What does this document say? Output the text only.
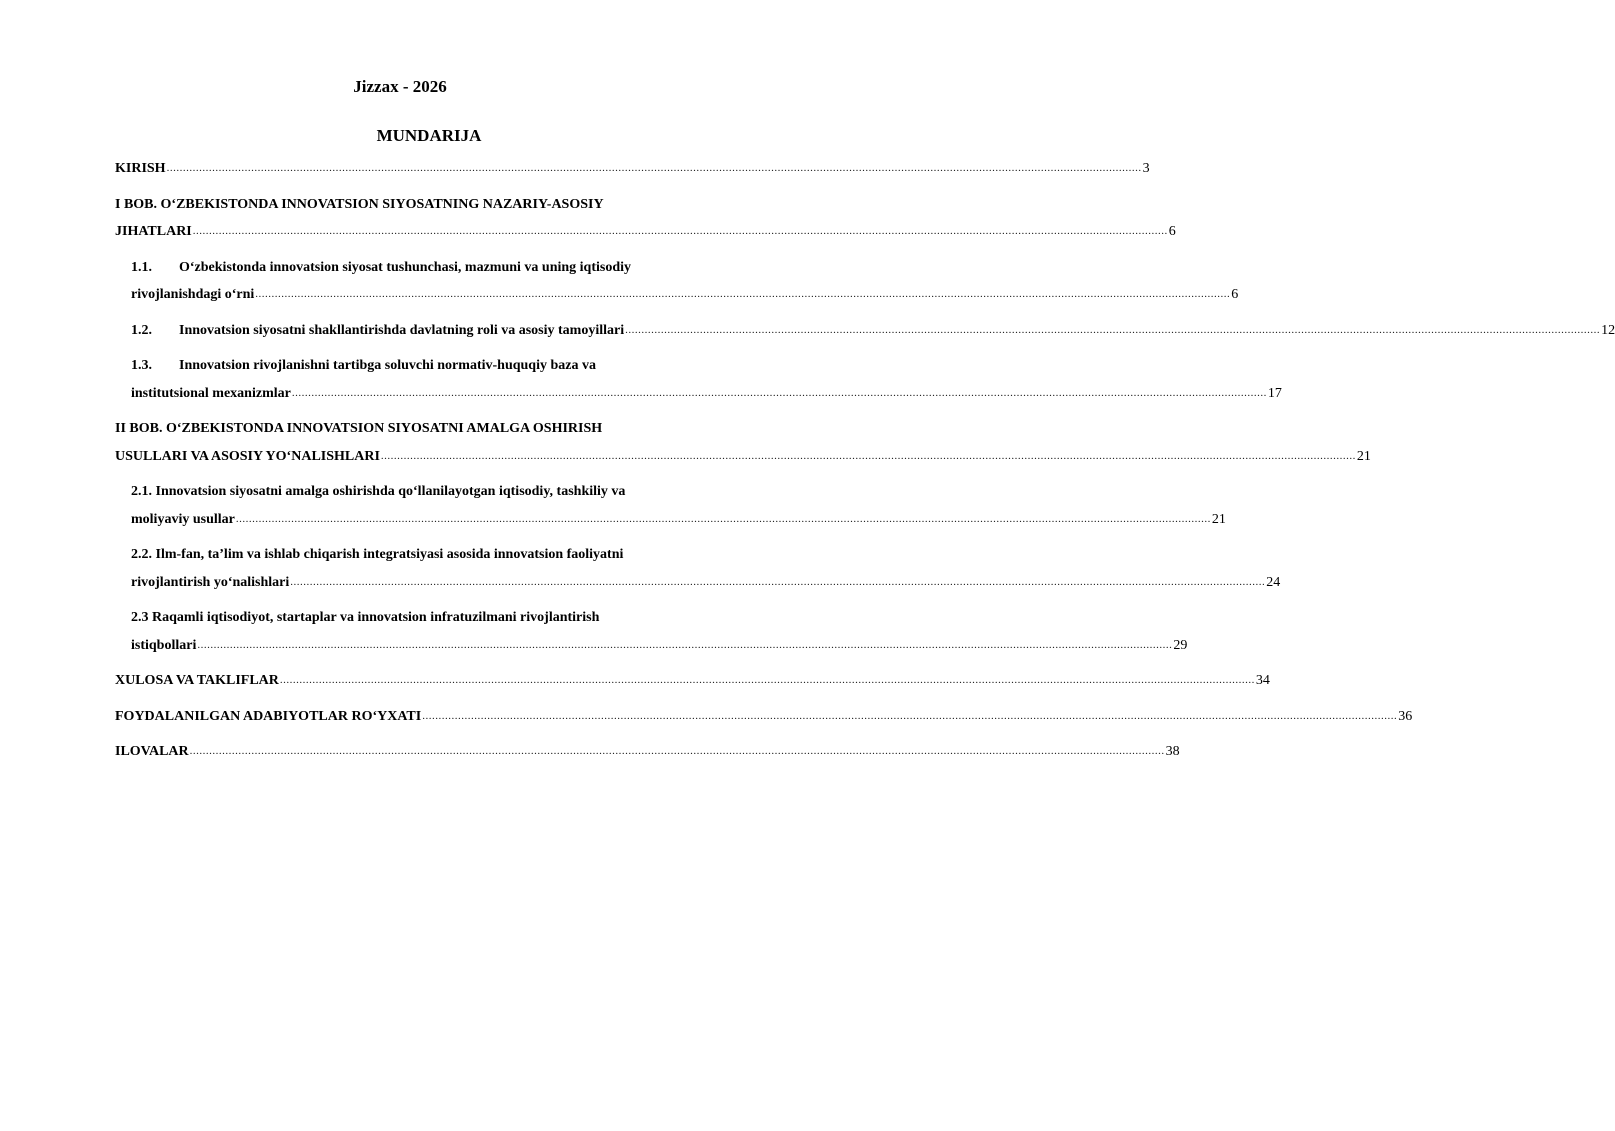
Jizzax - 2026
MUNDARIJA
KIRISH ............................................................................................................................................................................................................................................................................................................ 3
I BOB. O‘ZBEKISTONDA INNOVATSION SIYOSATNING NAZARIY-ASOSIY
JIHATLARI ............................................................................................................................................................................................................................................................................................................ 6
1.1.	O‘zbekistonda innovatsion siyosat tushunchasi, mazmuni va uning iqtisodiy
rivojlanishdagi o‘rni ............................................................................................................................................................................................................................................................................................................ 6
1.2.	Innovatsion siyosatni shakllantirishda davlatning roli va asosiy tamoyillari ............................................................................................................................................................................................................................................................................................................ 12
1.3.	Innovatsion rivojlanishni tartibga soluvchi normativ-huquqiy baza va
institutsional mexanizmlar ............................................................................................................................................................................................................................................................................................................ 17
II BOB. O‘ZBEKISTONDA INNOVATSION SIYOSATNI AMALGA OSHIRISH
USULLARI VA ASOSIY YO‘NALISHLARI ............................................................................................................................................................................................................................................................................................................ 21
2.1. Innovatsion siyosatni amalga oshirishda qo‘llanilayotgan iqtisodiy, tashkiliy va
moliyaviy usullar ............................................................................................................................................................................................................................................................................................................ 21
2.2. Ilm-fan, ta’lim va ishlab chiqarish integratsiyasi asosida innovatsion faoliyatni
rivojlantirish yo‘nalishlari ............................................................................................................................................................................................................................................................................................................ 24
2.3 Raqamli iqtisodiyot, startaplar va innovatsion infratuzilmani rivojlantirish
istiqbollari ............................................................................................................................................................................................................................................................................................................ 29
XULOSA VA TAKLIFLAR ............................................................................................................................................................................................................................................................................................................ 34
FOYDALANILGAN ADABIYOTLAR RO‘YXATI ............................................................................................................................................................................................................................................................................................................ 36
ILOVALAR ............................................................................................................................................................................................................................................................................................................ 38
